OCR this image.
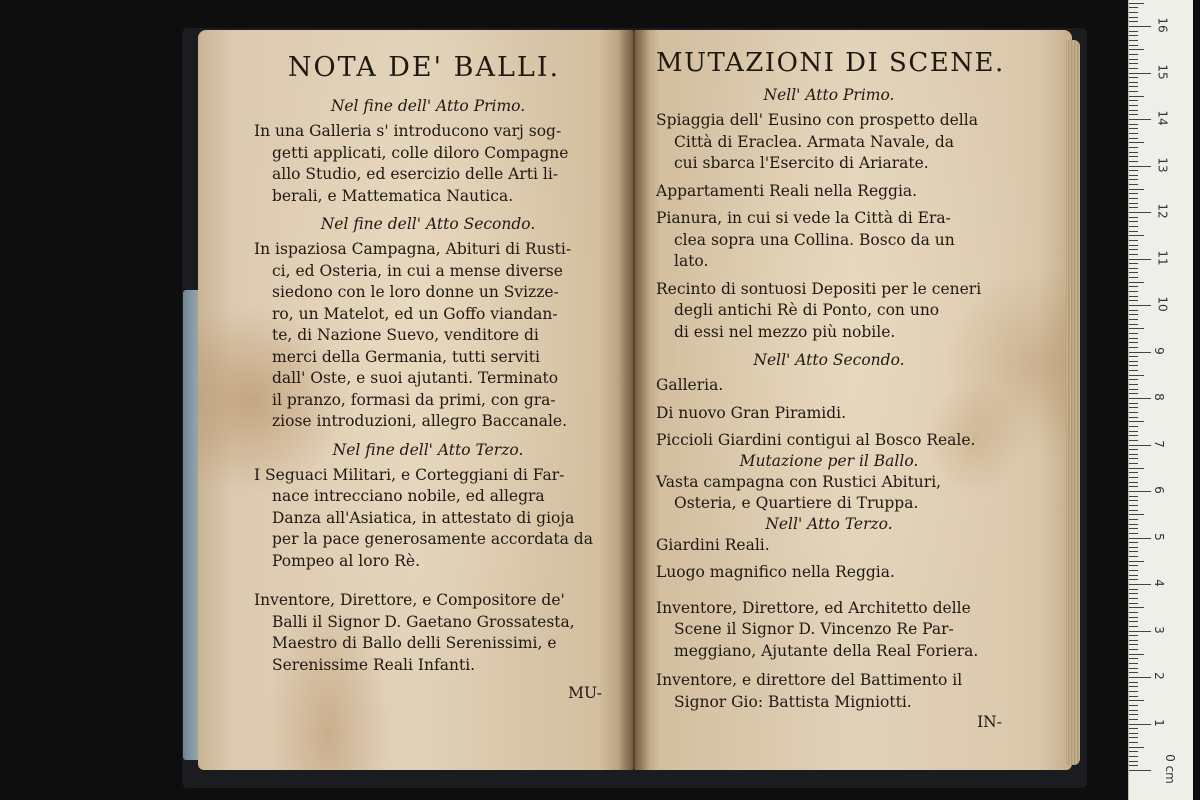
NOTA DE' BALLI.
Nel fine dell' Atto Primo.

In una Galleria s' introducono varj sog-
getti applicati, colle diloro Compagne
allo Studio, ed esercizio delle Arti li-
berali, e Mattematica Nautica.

Nel fine dell' Atto Secondo.

In ispaziosa Campagna, Abituri di Rusti-
ci, ed Osteria, in cui a mense diverse
siedono con le loro donne un Svizze-
ro, un Matelot, ed un Goffo viandan-
te, di Nazione Suevo, venditore di
merci della Germania, tutti serviti
dall' Oste, e suoi ajutanti. Terminato
il pranzo, formasi da primi, con gra-
ziose introduzioni, allegro Baccanale.

Nel fine dell' Atto Terzo.

I Seguaci Militari, e Corteggiani di Far-
nace intrecciano nobile, ed allegra
Danza all'Asiatica, in attestato di gioja
per la pace generosamente accordata da
Pompeo al loro Rè.

Inventore, Direttore, e Compositore de'
Balli il Signor D. Gaetano Grossatesta,
Maestro di Ballo delli Serenissimi, e
Serenissime Reali Infanti.

MU-
MUTAZIONI DI SCENE.
Nell' Atto Primo.

Spiaggia dell' Eusino con prospetto della
Città di Eraclea. Armata Navale, da
cui sbarca l'Esercito di Ariarate.

Appartamenti Reali nella Reggia.

Pianura, in cui si vede la Città di Era-
clea sopra una Collina. Bosco da un
lato.

Recinto di sontuosi Depositi per le ceneri
degli antichi Rè di Ponto, con uno
di essi nel mezzo più nobile.

Nell' Atto Secondo.

Galleria.

Di nuovo Gran Piramidi.

Piccioli Giardini contigui al Bosco Reale.

Mutazione per il Ballo.

Vasta campagna con Rustici Abituri,
Osteria, e Quartiere di Truppa.

Nell' Atto Terzo.

Giardini Reali.

Luogo magnifico nella Reggia.

Inventore, Direttore, ed Architetto delle
Scene il Signor D. Vincenzo Re Par-
meggiano, Ajutante della Real Foriera.

Inventore, e direttore del Battimento il
Signor Gio: Battista Migniotti.

IN-
0 cm
1
2
3
4
5
6
7
8
9
10
11
12
13
14
15
16
